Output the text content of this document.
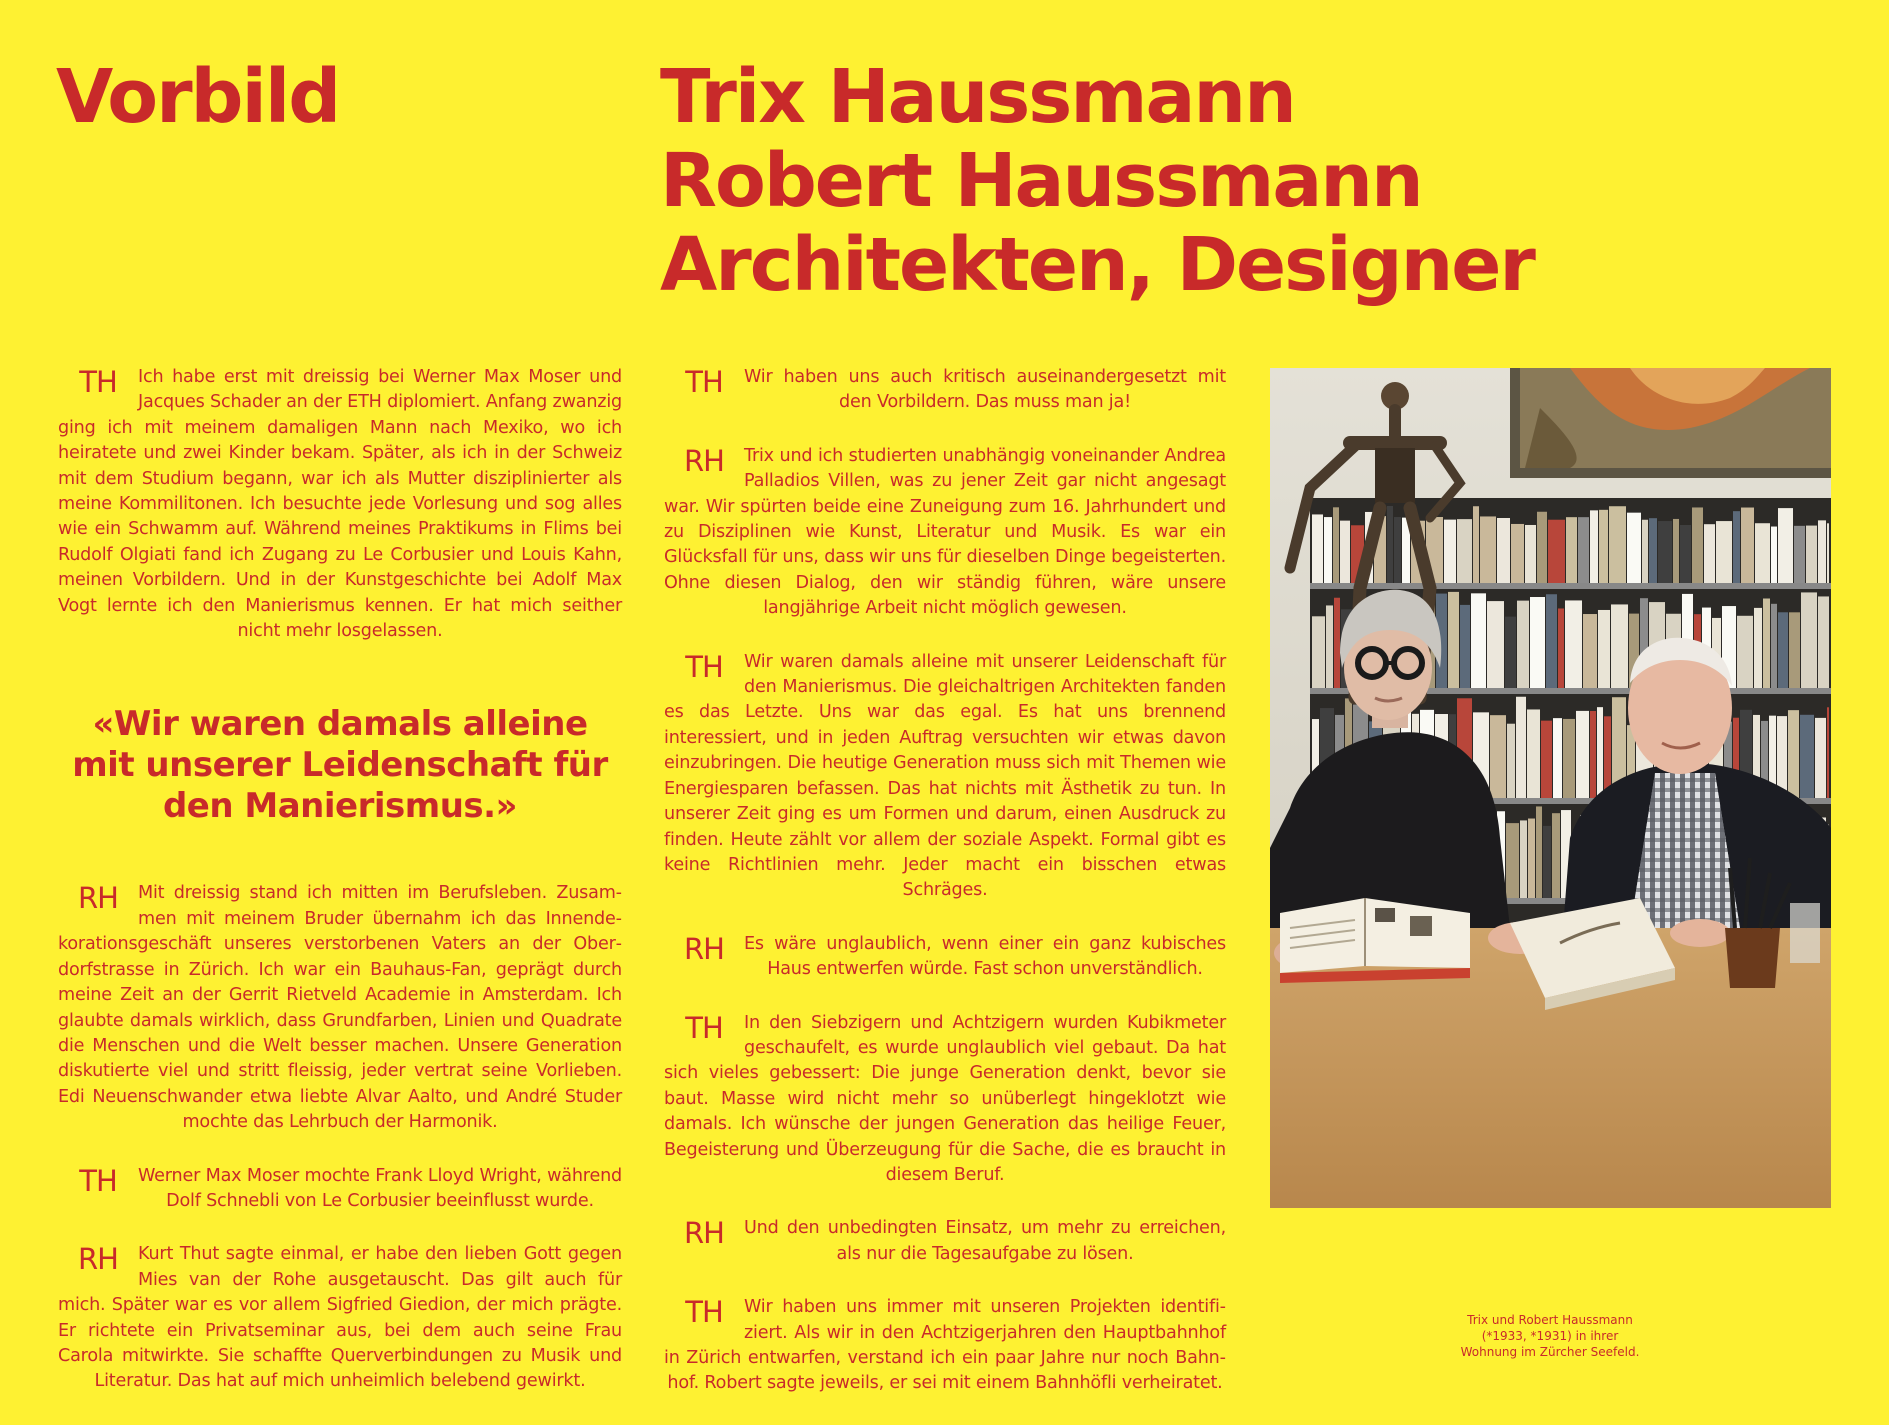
Vorbild	Trix Haussmann
Robert Haussmann
Architekten, Designer
TH	Ich habe erst mit dreissig bei Werner Max Moser und Jacques Schader an der ETH diplomiert. Anfang zwanzig ging ich mit meinem damaligen Mann nach Mexiko, wo ich heiratete und zwei Kinder bekam. Später, als ich in der Schweiz mit dem Studium begann, war ich als Mutter disziplinierter als meine Kommilitonen. Ich besuchte jede Vorlesung und sog alles wie ein Schwamm auf. Während meines Praktikums in Flims bei Rudolf Olgiati fand ich Zugang zu Le Corbusier und Louis Kahn, meinen Vorbildern. Und in der Kunstgeschichte bei Adolf Max Vogt lernte ich den Manierismus kennen. Er hat mich seither nicht mehr losgelassen.
«Wir waren damals alleine mit unserer Leidenschaft für den Manierismus.»
RH	Mit dreissig stand ich mitten im Berufsleben. Zusammen mit meinem Bruder übernahm ich das Innendekorationsgeschäft unseres verstorbenen Vaters an der Oberdorfstrasse in Zürich. Ich war ein Bauhaus-Fan, geprägt durch meine Zeit an der Gerrit Rietveld Academie in Amsterdam. Ich glaubte damals wirklich, dass Grundfarben, Linien und Quadrate die Menschen und die Welt besser machen. Unsere Generation diskutierte viel und stritt fleissig, jeder vertrat seine Vorlieben. Edi Neuenschwander etwa liebte Alvar Aalto, und André Studer mochte das Lehrbuch der Harmonik.
TH	Werner Max Moser mochte Frank Lloyd Wright, während Dolf Schnebli von Le Corbusier beeinflusst wurde.
RH	Kurt Thut sagte einmal, er habe den lieben Gott gegen Mies van der Rohe ausgetauscht. Das gilt auch für mich. Später war es vor allem Sigfried Giedion, der mich prägte. Er richtete ein Privatseminar aus, bei dem auch seine Frau Carola mitwirkte. Sie schaffte Querverbindungen zu Musik und Literatur. Das hat auf mich unheimlich belebend gewirkt.
TH	Wir haben uns auch kritisch auseinandergesetzt mit den Vorbildern. Das muss man ja!
RH	Trix und ich studierten unabhängig voneinander Andrea Palladios Villen, was zu jener Zeit gar nicht angesagt war. Wir spürten beide eine Zuneigung zum 16. Jahrhundert und zu Disziplinen wie Kunst, Literatur und Musik. Es war ein Glücksfall für uns, dass wir uns für dieselben Dinge begeisterten. Ohne diesen Dialog, den wir ständig führen, wäre unsere langjährige Arbeit nicht möglich gewesen.
TH	Wir waren damals alleine mit unserer Leidenschaft für den Manierismus. Die gleichaltrigen Architekten fanden es das Letzte. Uns war das egal. Es hat uns brennend interessiert, und in jeden Auftrag versuchten wir etwas davon einzubringen. Die heutige Generation muss sich mit Themen wie Energiesparen befassen. Das hat nichts mit Ästhetik zu tun. In unserer Zeit ging es um Formen und darum, einen Ausdruck zu finden. Heute zählt vor allem der soziale Aspekt. Formal gibt es keine Richtlinien mehr. Jeder macht ein bisschen etwas Schräges.
RH	Es wäre unglaublich, wenn einer ein ganz kubisches Haus entwerfen würde. Fast schon unverständlich.
TH	In den Siebzigern und Achtzigern wurden Kubikmeter geschaufelt, es wurde unglaublich viel gebaut. Da hat sich vieles gebessert: Die junge Generation denkt, bevor sie baut. Masse wird nicht mehr so unüberlegt hingeklotzt wie damals. Ich wünsche der jungen Generation das heilige Feuer, Begeisterung und Überzeugung für die Sache, die es braucht in diesem Beruf.
RH	Und den unbedingten Einsatz, um mehr zu erreichen, als nur die Tagesaufgabe zu lösen.
TH	Wir haben uns immer mit unseren Projekten identifiziert. Als wir in den Achtzigerjahren den Hauptbahnhof in Zürich entwarfen, verstand ich ein paar Jahre nur noch Bahnhof. Robert sagte jeweils, er sei mit einem Bahnhöfli verheiratet.
Trix und Robert Haussmann
(*1933, *1931) in ihrer
Wohnung im Zürcher Seefeld.
